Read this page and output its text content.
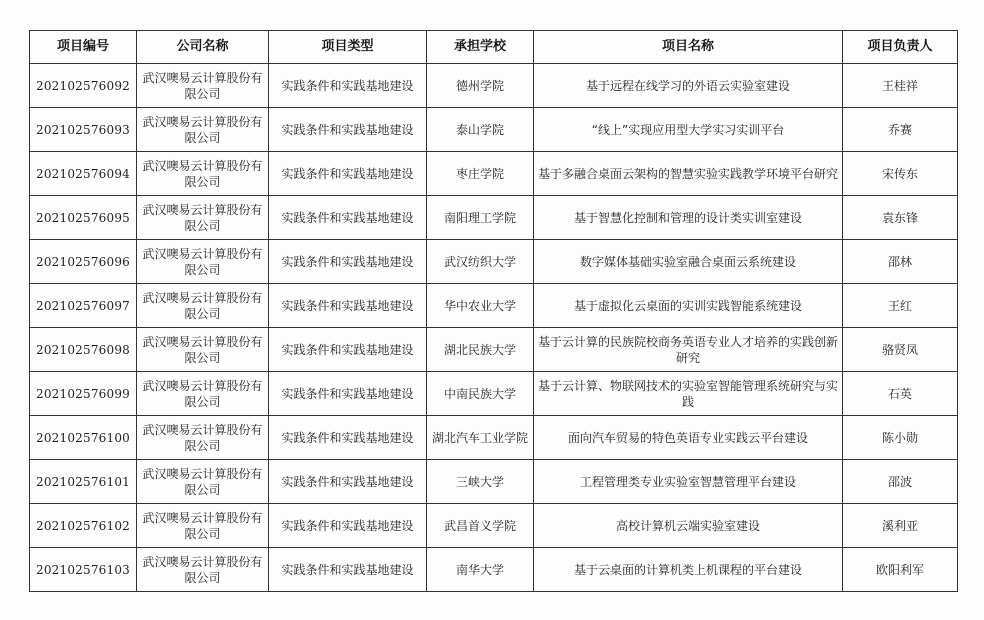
项目编号	公司名称	项目类型	承担学校	项目名称	项目负责人
202102576092	武汉噢易云计算股份有限公司	实践条件和实践基地建设	德州学院	基于远程在线学习的外语云实验室建设	王桂祥
202102576093	武汉噢易云计算股份有限公司	实践条件和实践基地建设	泰山学院	“线上”实现应用型大学实习实训平台	乔赛
202102576094	武汉噢易云计算股份有限公司	实践条件和实践基地建设	枣庄学院	基于多融合桌面云架构的智慧实验实践教学环境平台研究	宋传东
202102576095	武汉噢易云计算股份有限公司	实践条件和实践基地建设	南阳理工学院	基于智慧化控制和管理的设计类实训室建设	袁东锋
202102576096	武汉噢易云计算股份有限公司	实践条件和实践基地建设	武汉纺织大学	数字媒体基础实验室融合桌面云系统建设	邵林
202102576097	武汉噢易云计算股份有限公司	实践条件和实践基地建设	华中农业大学	基于虚拟化云桌面的实训实践智能系统建设	王红
202102576098	武汉噢易云计算股份有限公司	实践条件和实践基地建设	湖北民族大学	基于云计算的民族院校商务英语专业人才培养的实践创新研究	骆贤凤
202102576099	武汉噢易云计算股份有限公司	实践条件和实践基地建设	中南民族大学	基于云计算、物联网技术的实验室智能管理系统研究与实践	石英
202102576100	武汉噢易云计算股份有限公司	实践条件和实践基地建设	湖北汽车工业学院	面向汽车贸易的特色英语专业实践云平台建设	陈小勋
202102576101	武汉噢易云计算股份有限公司	实践条件和实践基地建设	三峡大学	工程管理类专业实验室智慧管理平台建设	邵波
202102576102	武汉噢易云计算股份有限公司	实践条件和实践基地建设	武昌首义学院	高校计算机云端实验室建设	溪利亚
202102576103	武汉噢易云计算股份有限公司	实践条件和实践基地建设	南华大学	基于云桌面的计算机类上机课程的平台建设	欧阳利军
